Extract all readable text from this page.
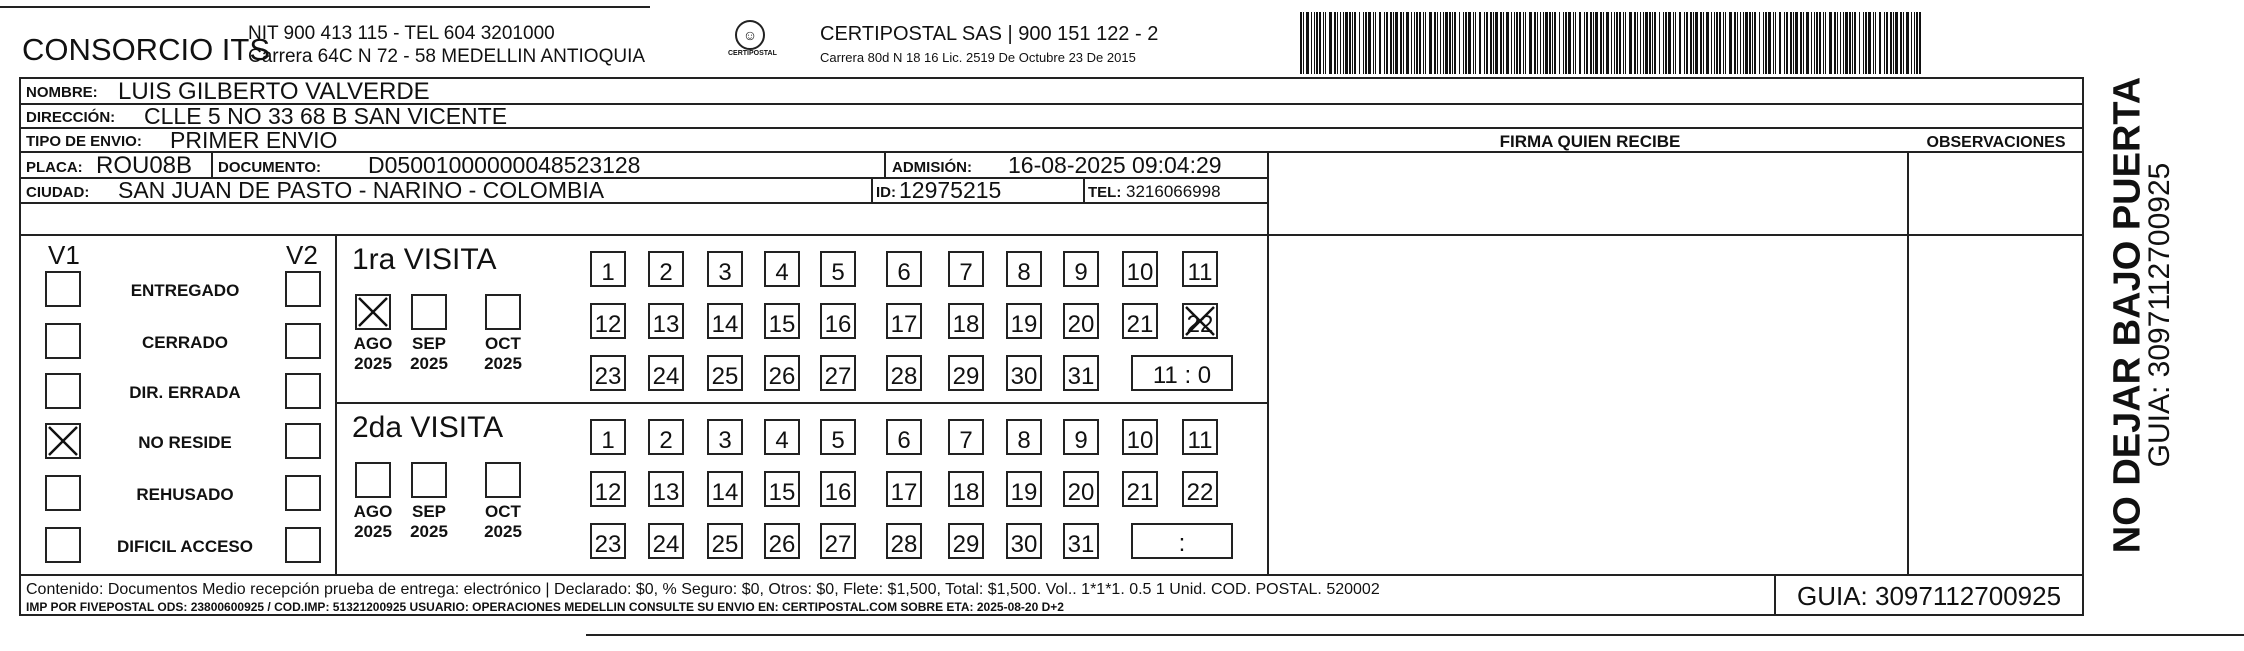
CONSORCIO ITS
NIT 900 413 115 - TEL 604 3201000
Carrera 64C N 72 - 58 MEDELLIN ANTIOQUIA
☺
CERTIPOSTAL
CERTIPOSTAL SAS | 900 151 122 - 2
Carrera 80d N 18 16 Lic. 2519 De Octubre 23 De 2015
NOMBRE: LUIS GILBERTO VALVERDE
DIRECCIÓN: CLLE 5 NO 33 68 B SAN VICENTE
TIPO DE ENVIO: PRIMER ENVIO	FIRMA QUIEN RECIBE	OBSERVACIONES
PLACA: ROU08B DOCUMENTO: D05001000000048523128	ADMISIÓN: 16-08-2025 09:04:29
CIUDAD: SAN JUAN DE PASTO - NARINO - COLOMBIA	ID: 12975215	TEL: 3216066998
V1	V2
ENTREGADO
CERRADO
DIR. ERRADA
NO RESIDE
REHUSADO
DIFICIL ACCESO
1ra VISITA
AGO
2025
SEP
2025
OCT
2025
1 2 3 4 5 6 7 8 9 10 11
12 13 14 15 16 17 18 19 20 21 22
23 24 25 26 27 28 29 30 31 11 : 0
2da VISITA
AGO
2025
SEP
2025
OCT
2025
1 2 3 4 5 6 7 8 9 10 11
12 13 14 15 16 17 18 19 20 21 22
23 24 25 26 27 28 29 30 31	:
Contenido: Documentos Medio recepción prueba de entrega: electrónico | Declarado: $0, % Seguro: $0, Otros: $0, Flete: $1,500, Total: $1,500. Vol.. 1*1*1. 0.5 1 Unid. COD. POSTAL. 520002
IMP POR FIVEPOSTAL ODS: 23800600925 / COD.IMP: 51321200925 USUARIO: OPERACIONES MEDELLIN CONSULTE SU ENVIO EN: CERTIPOSTAL.COM SOBRE ETA: 2025-08-20 D+2	GUIA: 3097112700925
NO DEJAR BAJO PUERTA
GUIA: 3097112700925
